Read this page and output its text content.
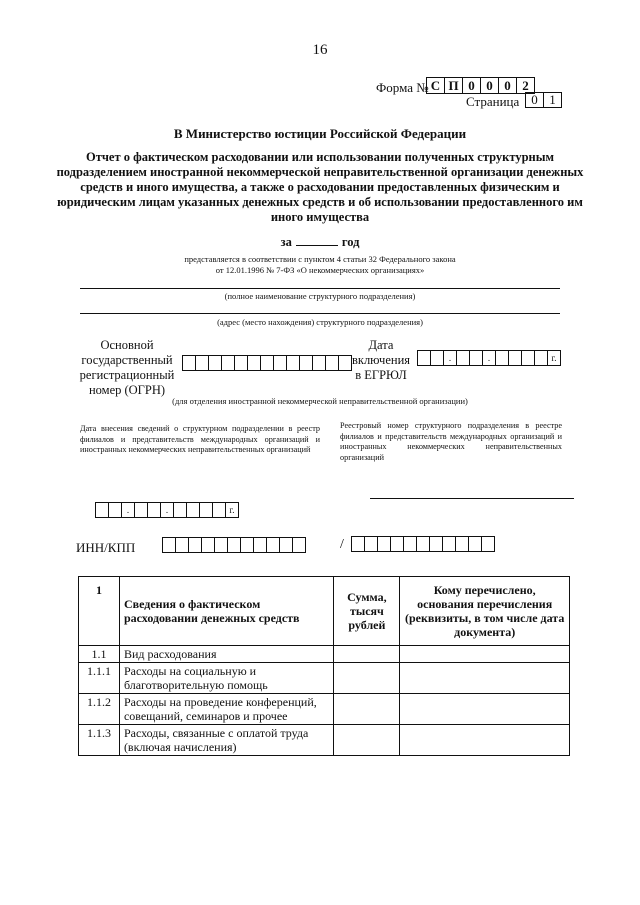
16
Форма № С П 0 0 0 2
Страница 0 1
В Министерство юстиции Российской Федерации
Отчет о фактическом расходовании или использовании полученных структурным подразделением иностранной некоммерческой неправительственной организации денежных средств и иного имущества, а также о расходовании предоставленных физическим и юридическим лицам указанных денежных средств и об использовании предоставленного им иного имущества
за	год
представляется в соответствии с пунктом 4 статьи 32 Федерального закона
от 12.01.1996 № 7-ФЗ «О некоммерческих организациях»
(полное наименование структурного подразделения)
(адрес (место нахождения) структурного подразделения)
Основной
государственный
регистрационный
номер (ОГРН)
Дата
включения
в ЕГРЮЛ
.	.	г.
(для отделения иностранной некоммерческой неправительственной организации)
Дата внесения сведений о структурном подразделении в реестр филиалов и представительств международных организаций и иностранных некоммерческих неправительственных организаций
Реестровый номер структурного подразделения в реестре филиалов и представительств международных организаций и иностранных некоммерческих неправительственных организаций
.	.	г.
ИНН/КПП	/
1	Сведения о фактическом расходовании денежных средств	Сумма, тысяч рублей	Кому перечислено, основания перечисления (реквизиты, в том числе дата документа)
1.1	Вид расходования		
1.1.1	Расходы на социальную и благотворительную помощь		
1.1.2	Расходы на проведение конференций, совещаний, семинаров и прочее		
1.1.3	Расходы, связанные с оплатой труда (включая начисления)		
